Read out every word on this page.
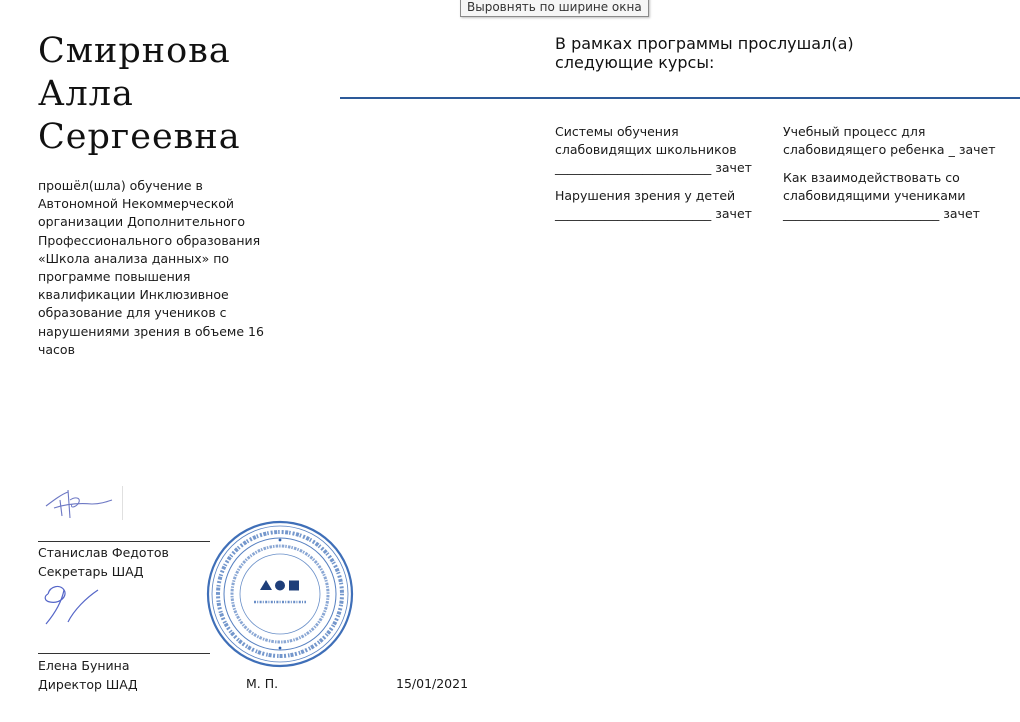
Выровнять по ширине окна
Смирнова
Алла
Сергеевна
прошёл(шла) обучение в Автономной Некоммерческой организации Дополнительного Профессионального образования «Школа анализа данных» по программе повышения квалификации Инклюзивное образование для учеников с нарушениями зрения в объеме 16 часов
В рамках программы прослушал(а)
следующие курсы:
Системы обучения
слабовидящих школьников
_________________________ зачет
Нарушения зрения у детей
_________________________ зачет
Учебный процесс для
слабовидящего ребенка _ зачет
Как взаимодействовать со
слабовидящими учениками
_________________________ зачет
Станислав Федотов
Секретарь ШАД
Елена Бунина
Директор ШАД	М. П.	15/01/2021
